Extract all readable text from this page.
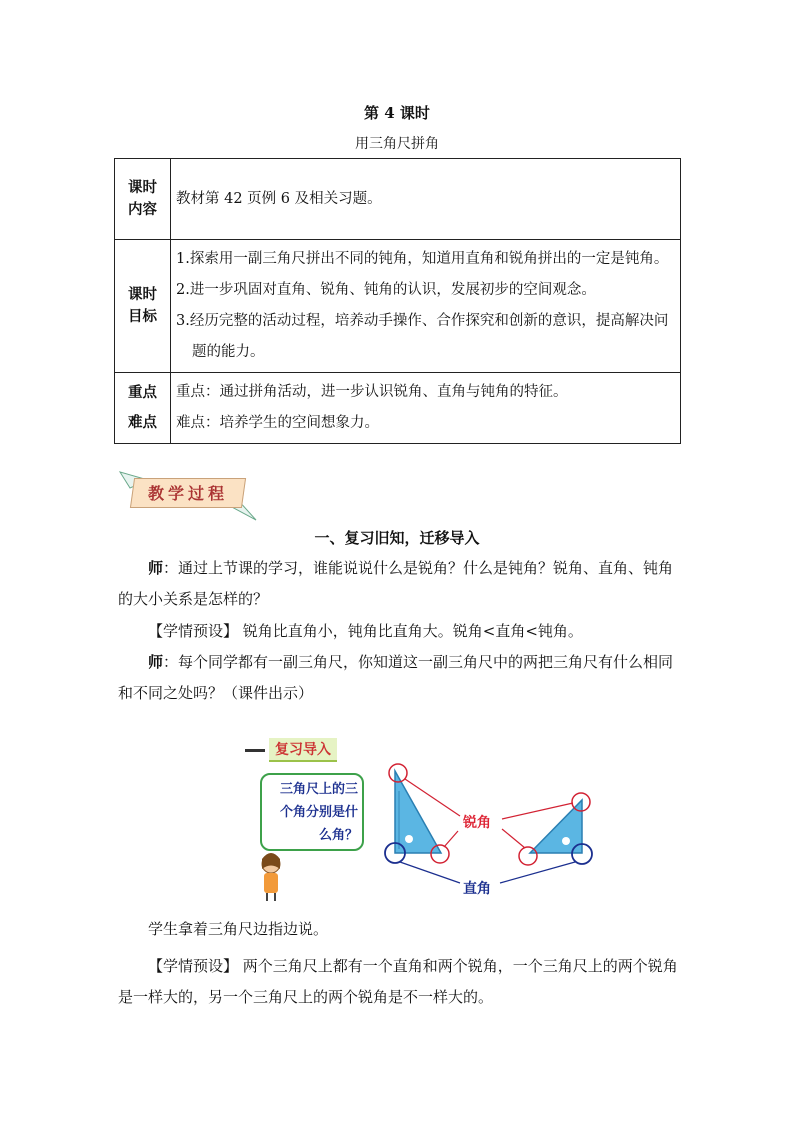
第 4 课时
用三角尺拼角
课时内容	教材第 42 页例 6 及相关习题。
课时目标	1.探索用一副三角尺拼出不同的钝角，知道用直角和锐角拼出的一定是钝角。
2.进一步巩固对直角、锐角、钝角的认识，发展初步的空间观念。
3.经历完整的活动过程，培养动手操作、合作探究和创新的意识，提高解决问题的能力。

重点难点	重点：通过拼角活动，进一步认识锐角、直角与钝角的特征。
难点：培养学生的空间想象力。
教学过程
一、复习旧知，迁移导入
师：通过上节课的学习，谁能说说什么是锐角？什么是钝角？锐角、直角、钝角的大小关系是怎样的？
【学情预设】 锐角比直角小，钝角比直角大。锐角<直角<钝角。
师：每个同学都有一副三角尺，你知道这一副三角尺中的两把三角尺有什么相同和不同之处吗？（课件出示）
复习导入
三角尺上的三个角分别是什么角？
锐角
直角
学生拿着三角尺边指边说。
【学情预设】 两个三角尺上都有一个直角和两个锐角，一个三角尺上的两个锐角是一样大的，另一个三角尺上的两个锐角是不一样大的。
